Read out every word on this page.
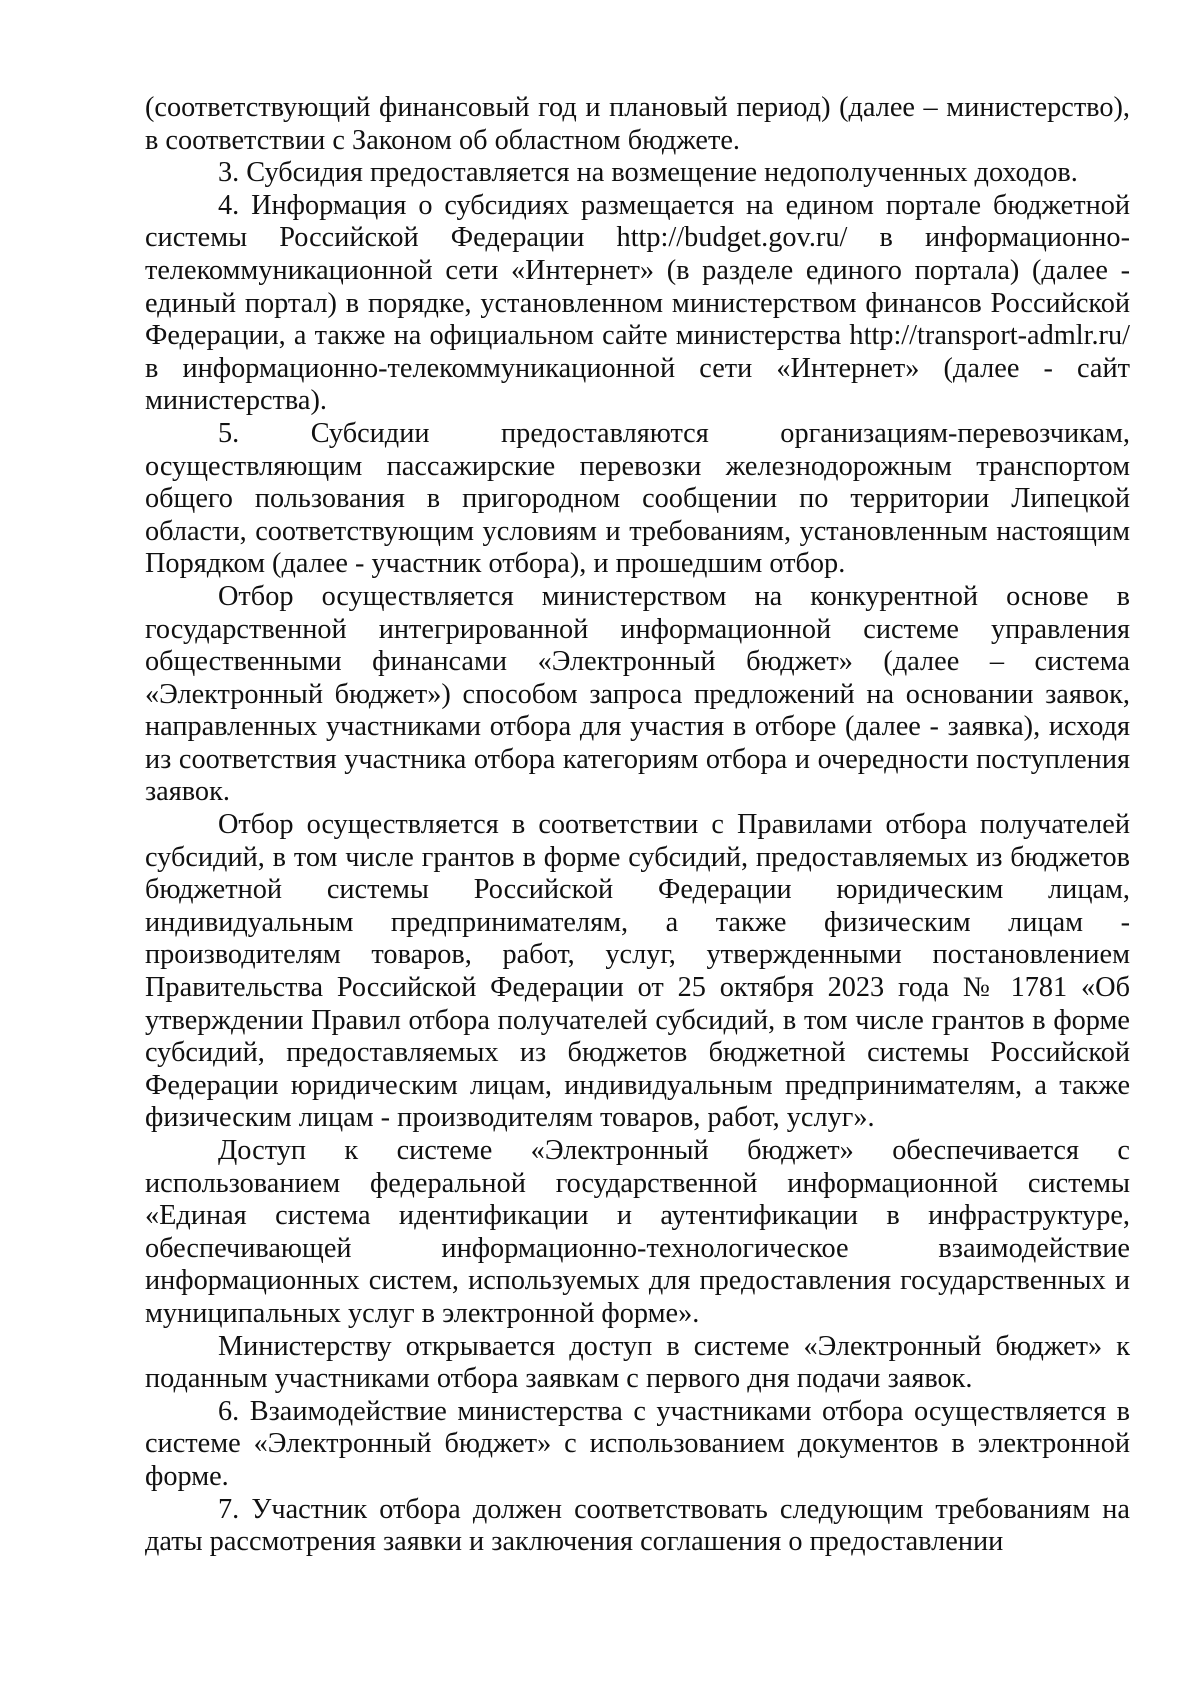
(соответствующий финансовый год и плановый период) (далее – министерство), в соответствии с Законом об областном бюджете.

3. Субсидия предоставляется на возмещение недополученных доходов.

4. Информация о субсидиях размещается на едином портале бюджетной системы Российской Федерации http://budget.gov.ru/ в информационно-телекоммуникационной сети «Интернет» (в разделе единого портала) (далее - единый портал) в порядке, установленном министерством финансов Российской Федерации, а также на официальном сайте министерства http://transport-admlr.ru/ в информационно-телекоммуникационной сети «Интернет» (далее - сайт министерства).

5. Субсидии предоставляются организациям-перевозчикам, осуществляющим пассажирские перевозки железнодорожным транспортом общего пользования в пригородном сообщении по территории Липецкой области, соответствующим условиям и требованиям, установленным настоящим Порядком (далее - участник отбора), и прошедшим отбор.

Отбор осуществляется министерством на конкурентной основе в государственной интегрированной информационной системе управления общественными финансами «Электронный бюджет» (далее – система «Электронный бюджет») способом запроса предложений на основании заявок, направленных участниками отбора для участия в отборе (далее - заявка), исходя из соответствия участника отбора категориям отбора и очередности поступления заявок.

Отбор осуществляется в соответствии с Правилами отбора получателей субсидий, в том числе грантов в форме субсидий, предоставляемых из бюджетов бюджетной системы Российской Федерации юридическим лицам, индивидуальным предпринимателям, а также физическим лицам - производителям товаров, работ, услуг, утвержденными постановлением Правительства Российской Федерации от 25 октября 2023 года № 1781 «Об утверждении Правил отбора получателей субсидий, в том числе грантов в форме субсидий, предоставляемых из бюджетов бюджетной системы Российской Федерации юридическим лицам, индивидуальным предпринимателям, а также физическим лицам - производителям товаров, работ, услуг».

Доступ к системе «Электронный бюджет» обеспечивается с использованием федеральной государственной информационной системы «Единая система идентификации и аутентификации в инфраструктуре, обеспечивающей информационно-технологическое взаимодействие информационных систем, используемых для предоставления государственных и муниципальных услуг в электронной форме».

Министерству открывается доступ в системе «Электронный бюджет» к поданным участниками отбора заявкам с первого дня подачи заявок.

6. Взаимодействие министерства с участниками отбора осуществляется в системе «Электронный бюджет» с использованием документов в электронной форме.

7. Участник отбора должен соответствовать следующим требованиям на даты рассмотрения заявки и заключения соглашения о предоставлении
